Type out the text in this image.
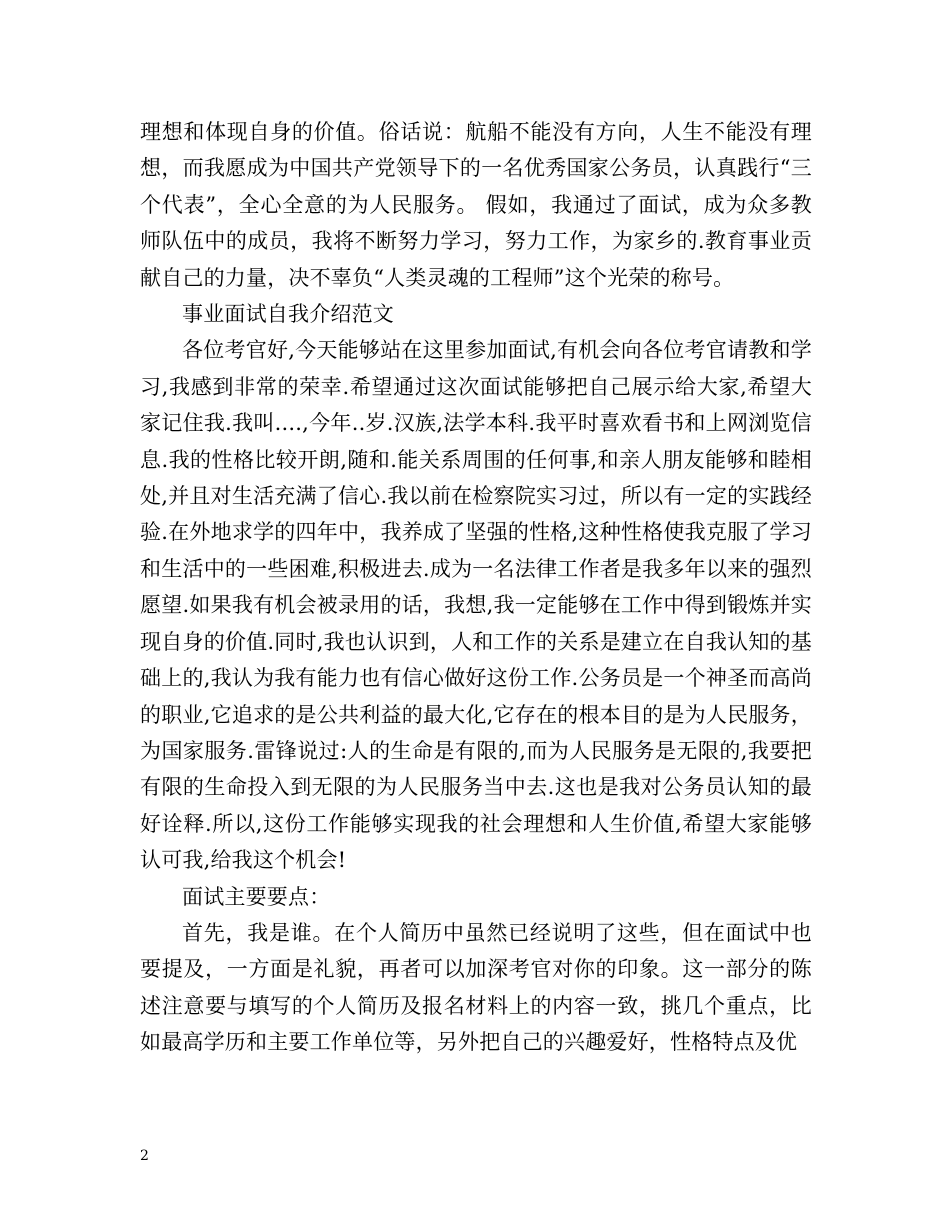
理想和体现自身的价值。俗话说：航船不能没有方向，人生不能没有理想，而我愿成为中国共产党领导下的一名优秀国家公务员，认真践行“三个代表”，全心全意的为人民服务。 假如，我通过了面试，成为众多教师队伍中的成员，我将不断努力学习，努力工作，为家乡的.教育事业贡献自己的力量，决不辜负“人类灵魂的工程师”这个光荣的称号。

事业面试自我介绍范文

各位考官好,今天能够站在这里参加面试,有机会向各位考官请教和学习,我感到非常的荣幸.希望通过这次面试能够把自己展示给大家,希望大家记住我.我叫....,今年..岁.汉族,法学本科.我平时喜欢看书和上网浏览信息.我的性格比较开朗,随和.能关系周围的任何事,和亲人朋友能够和睦相处,并且对生活充满了信心.我以前在检察院实习过，所以有一定的实践经验.在外地求学的四年中，我养成了坚强的性格,这种性格使我克服了学习和生活中的一些困难,积极进去.成为一名法律工作者是我多年以来的强烈愿望.如果我有机会被录用的话，我想,我一定能够在工作中得到锻炼并实现自身的价值.同时,我也认识到，人和工作的关系是建立在自我认知的基础上的,我认为我有能力也有信心做好这份工作.公务员是一个神圣而高尚的职业,它追求的是公共利益的最大化,它存在的根本目的是为人民服务，为国家服务.雷锋说过:人的生命是有限的,而为人民服务是无限的,我要把有限的生命投入到无限的为人民服务当中去.这也是我对公务员认知的最好诠释.所以,这份工作能够实现我的社会理想和人生价值,希望大家能够认可我,给我这个机会!

面试主要要点：

首先，我是谁。在个人简历中虽然已经说明了这些，但在面试中也要提及，一方面是礼貌，再者可以加深考官对你的印象。这一部分的陈述注意要与填写的个人简历及报名材料上的内容一致，挑几个重点，比如最高学历和主要工作单位等，另外把自己的兴趣爱好，性格特点及优

2
